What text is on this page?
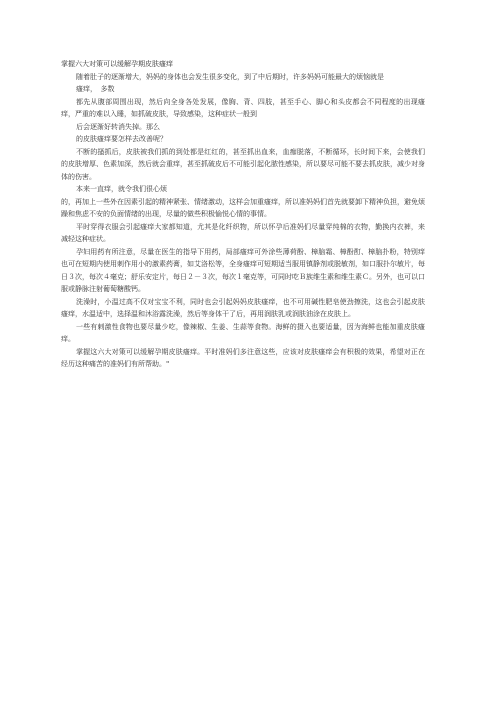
掌握六大对策可以缓解孕期皮肤瘙痒

随着肚子的逐渐增大，妈妈的身体也会发生很多变化，到了中后期时，许多妈妈可能最大的烦恼就是

瘙痒，　多数

都先从腹部周围出现，然后向全身各处发展，像胸、背、四肢，甚至手心、脚心和头皮都会不同程度的出现瘙痒，严重的难以入睡，如抓破皮肤，导致感染，这种症状一般到

后会逐渐好转消失掉。那么

的皮肤瘙痒要怎样去改善呢？

不断的搔抓后，皮肤被我们抓的到处都是红红的，甚至抓出血来，血痂脱落，不断循环，长时间下来，会使我们的皮肤增厚、色素加深，然后就会重痒，甚至抓破皮后不可能引起化脓性感染，所以要尽可能不要去抓皮肤，减少对身体的伤害。

本来一直痒，就令我们很心烦

的，再加上一些外在因素引起的精神紧张、情绪激动，这样会加重瘙痒，所以准妈妈们首先就要卸下精神负担，避免烦躁和焦虑不安的负面情绪的出现，尽量的做些积极愉悦心情的事情。

平时穿得衣服会引起瘙痒大家都知道，尤其是化纤织物，所以怀孕后准妈们尽量穿纯棉的衣物，勤换内衣裤，来减轻这种症状。

孕妇用药有所注意，尽量在医生的指导下用药，局部瘙痒可外涂些薄荷酚、樟脑霜、樟酚酊、樟脑扑粉，特别痒也可在短期内使用刺作用小的激素药膏，如艾洛松等，全身瘙痒可短期适当服用镇静剂或脱敏剂，如口服扑尔敏片，每日３次，每次４毫克；舒乐安定片，每日２－３次，每次１毫克等，可同时吃Ｂ族维生素和维生素Ｃ。另外，也可以口服或静脉注射葡萄糖酸钙。

洗澡时，小温过高不仅对宝宝不利，同时也会引起妈妈皮肤瘙痒，也不可用碱性肥皂使劲擦洗，这也会引起皮肤瘙痒，水温适中，选择温和沐浴露洗澡，然后等身体干了后，再用润肤乳或润肤油涂在皮肤上。

一些有刺激性食物也要尽量少吃，像辣椒、生姜、生蒜等食物。海鲜的摄入也要适量，因为海鲜也能加重皮肤瘙痒。

掌握这六大对策可以缓解孕期皮肤瘙痒。平时准妈们多注意这些，应该对皮肤瘙痒会有积极的效果，希望对正在经历这种痛苦的准妈们有所帮助。"
